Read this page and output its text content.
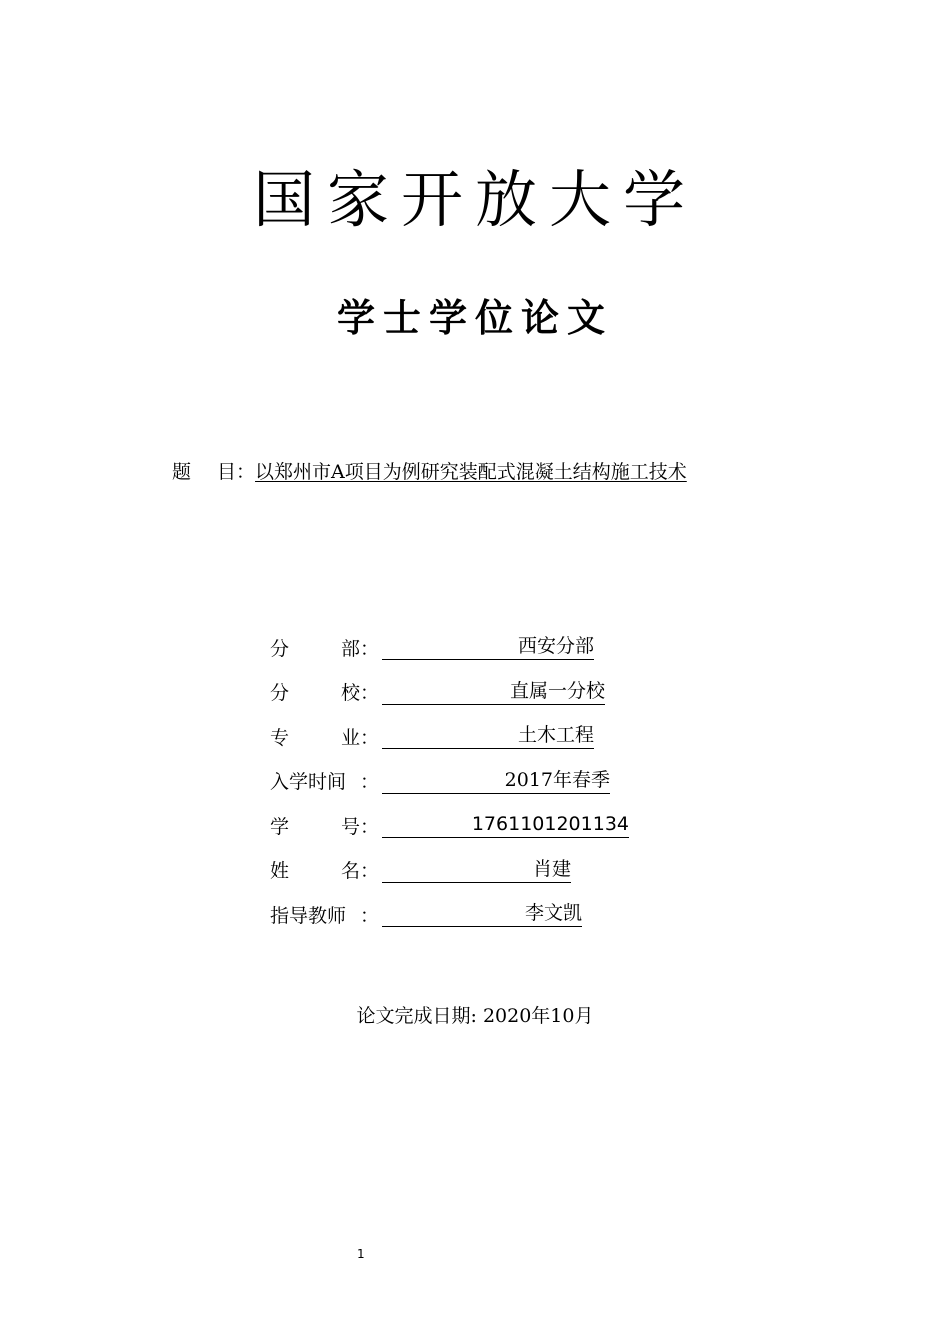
国家开放大学
学士学位论文
题 目：以郑州市A项目为例研究装配式混凝土结构施工技术
分	部 ：	西安分部
分	校 ：	直属一分校
专	业 ：	土木工程
入学时间 ：	2017年春季
学	号 ：	1761101201134
姓	名 ：	肖建
指导教师 ：	李文凯
论文完成日期: 2020年10月
1
